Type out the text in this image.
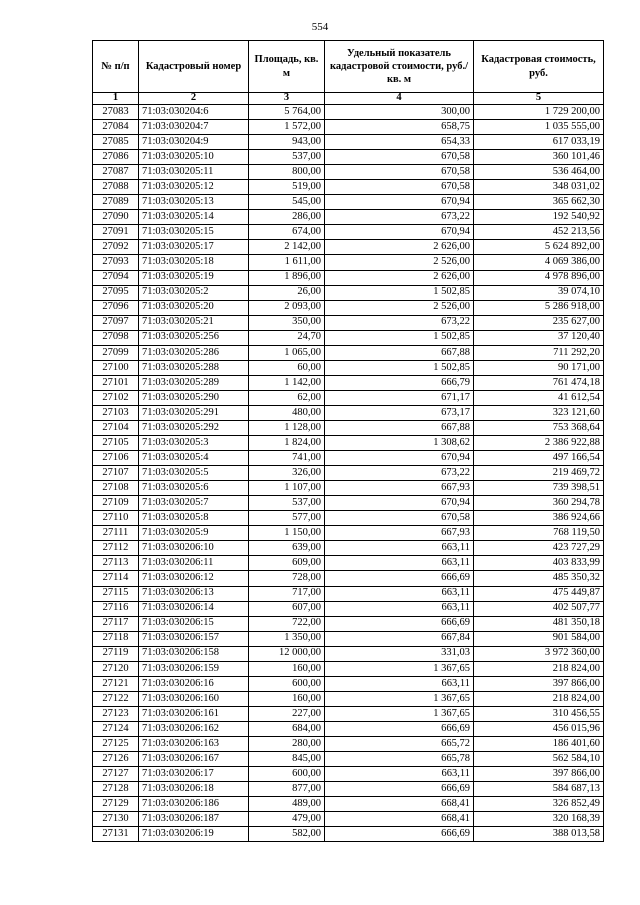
554
№ п/п	Кадастровый номер	Площадь, кв. м	Удельный показатель кадастровой стоимости, руб./кв. м	Кадастровая стоимость, руб.
1	2	3	4	5
27083	71:03:030204:6	5 764,00	300,00	1 729 200,00
27084	71:03:030204:7	1 572,00	658,75	1 035 555,00
27085	71:03:030204:9	943,00	654,33	617 033,19
27086	71:03:030205:10	537,00	670,58	360 101,46
27087	71:03:030205:11	800,00	670,58	536 464,00
27088	71:03:030205:12	519,00	670,58	348 031,02
27089	71:03:030205:13	545,00	670,94	365 662,30
27090	71:03:030205:14	286,00	673,22	192 540,92
27091	71:03:030205:15	674,00	670,94	452 213,56
27092	71:03:030205:17	2 142,00	2 626,00	5 624 892,00
27093	71:03:030205:18	1 611,00	2 526,00	4 069 386,00
27094	71:03:030205:19	1 896,00	2 626,00	4 978 896,00
27095	71:03:030205:2	26,00	1 502,85	39 074,10
27096	71:03:030205:20	2 093,00	2 526,00	5 286 918,00
27097	71:03:030205:21	350,00	673,22	235 627,00
27098	71:03:030205:256	24,70	1 502,85	37 120,40
27099	71:03:030205:286	1 065,00	667,88	711 292,20
27100	71:03:030205:288	60,00	1 502,85	90 171,00
27101	71:03:030205:289	1 142,00	666,79	761 474,18
27102	71:03:030205:290	62,00	671,17	41 612,54
27103	71:03:030205:291	480,00	673,17	323 121,60
27104	71:03:030205:292	1 128,00	667,88	753 368,64
27105	71:03:030205:3	1 824,00	1 308,62	2 386 922,88
27106	71:03:030205:4	741,00	670,94	497 166,54
27107	71:03:030205:5	326,00	673,22	219 469,72
27108	71:03:030205:6	1 107,00	667,93	739 398,51
27109	71:03:030205:7	537,00	670,94	360 294,78
27110	71:03:030205:8	577,00	670,58	386 924,66
27111	71:03:030205:9	1 150,00	667,93	768 119,50
27112	71:03:030206:10	639,00	663,11	423 727,29
27113	71:03:030206:11	609,00	663,11	403 833,99
27114	71:03:030206:12	728,00	666,69	485 350,32
27115	71:03:030206:13	717,00	663,11	475 449,87
27116	71:03:030206:14	607,00	663,11	402 507,77
27117	71:03:030206:15	722,00	666,69	481 350,18
27118	71:03:030206:157	1 350,00	667,84	901 584,00
27119	71:03:030206:158	12 000,00	331,03	3 972 360,00
27120	71:03:030206:159	160,00	1 367,65	218 824,00
27121	71:03:030206:16	600,00	663,11	397 866,00
27122	71:03:030206:160	160,00	1 367,65	218 824,00
27123	71:03:030206:161	227,00	1 367,65	310 456,55
27124	71:03:030206:162	684,00	666,69	456 015,96
27125	71:03:030206:163	280,00	665,72	186 401,60
27126	71:03:030206:167	845,00	665,78	562 584,10
27127	71:03:030206:17	600,00	663,11	397 866,00
27128	71:03:030206:18	877,00	666,69	584 687,13
27129	71:03:030206:186	489,00	668,41	326 852,49
27130	71:03:030206:187	479,00	668,41	320 168,39
27131	71:03:030206:19	582,00	666,69	388 013,58
